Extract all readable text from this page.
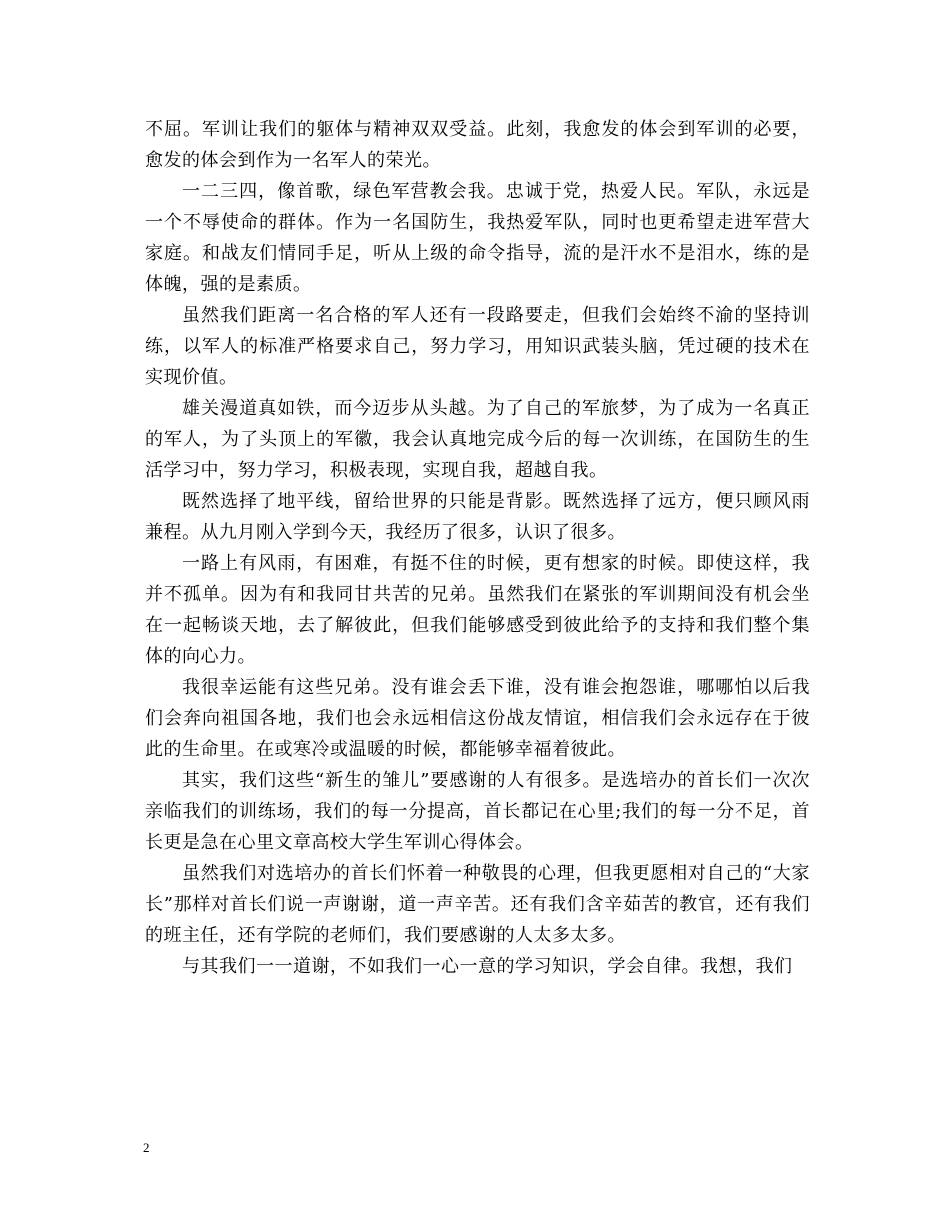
不屈。军训让我们的躯体与精神双双受益。此刻，我愈发的体会到军训的必要，愈发的体会到作为一名军人的荣光。

一二三四，像首歌，绿色军营教会我。忠诚于党，热爱人民。军队，永远是一个不辱使命的群体。作为一名国防生，我热爱军队，同时也更希望走进军营大家庭。和战友们情同手足，听从上级的命令指导，流的是汗水不是泪水，练的是体魄，强的是素质。

虽然我们距离一名合格的军人还有一段路要走，但我们会始终不渝的坚持训练，以军人的标准严格要求自己，努力学习，用知识武装头脑，凭过硬的技术在实现价值。

雄关漫道真如铁，而今迈步从头越。为了自己的军旅梦，为了成为一名真正的军人，为了头顶上的军徽，我会认真地完成今后的每一次训练，在国防生的生活学习中，努力学习，积极表现，实现自我，超越自我。

既然选择了地平线，留给世界的只能是背影。既然选择了远方，便只顾风雨兼程。从九月刚入学到今天，我经历了很多，认识了很多。

一路上有风雨，有困难，有挺不住的时候，更有想家的时候。即使这样，我并不孤单。因为有和我同甘共苦的兄弟。虽然我们在紧张的军训期间没有机会坐在一起畅谈天地，去了解彼此，但我们能够感受到彼此给予的支持和我们整个集体的向心力。

我很幸运能有这些兄弟。没有谁会丢下谁，没有谁会抱怨谁，哪哪怕以后我们会奔向祖国各地，我们也会永远相信这份战友情谊，相信我们会永远存在于彼此的生命里。在或寒冷或温暖的时候，都能够幸福着彼此。

其实，我们这些“新生的雏儿”要感谢的人有很多。是选培办的首长们一次次亲临我们的训练场，我们的每一分提高，首长都记在心里;我们的每一分不足，首长更是急在心里文章高校大学生军训心得体会。

虽然我们对选培办的首长们怀着一种敬畏的心理，但我更愿相对自己的“大家长”那样对首长们说一声谢谢，道一声辛苦。还有我们含辛茹苦的教官，还有我们的班主任，还有学院的老师们，我们要感谢的人太多太多。

与其我们一一道谢，不如我们一心一意的学习知识，学会自律。我想，我们

2
